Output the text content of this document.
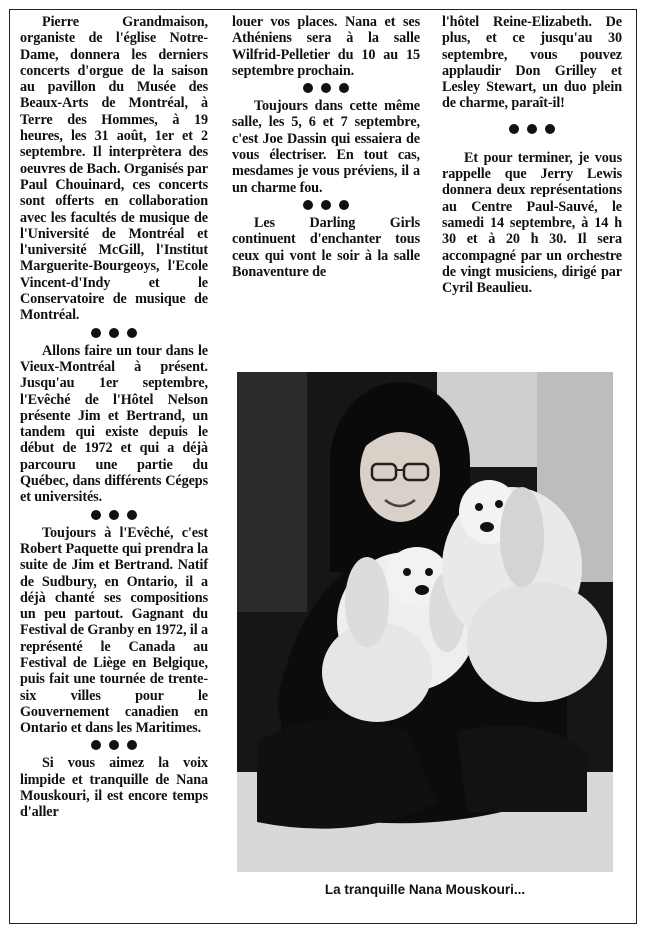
Pierre Grandmaison, organiste de l'église Notre-Dame, donnera les derniers concerts d'orgue de la saison au pavillon du Musée des Beaux-Arts de Montréal, à Terre des Hommes, à 19 heures, les 31 août, 1er et 2 septembre. Il interprètera des oeuvres de Bach. Organisés par Paul Chouinard, ces concerts sont offerts en collaboration avec les facultés de musique de l'Université de Montréal et l'université McGill, l'Institut Marguerite-Bourgeoys, l'Ecole Vincent-d'Indy et le Conservatoire de musique de Montréal.

Allons faire un tour dans le Vieux-Montréal à présent. Jusqu'au 1er septembre, l'Evêché de l'Hôtel Nelson présente Jim et Bertrand, un tandem qui existe depuis le début de 1972 et qui a déjà parcouru une partie du Québec, dans différents Cégeps et universités.

Toujours à l'Evêché, c'est Robert Paquette qui prendra la suite de Jim et Bertrand. Natif de Sudbury, en Ontario, il a déjà chanté ses compositions un peu partout. Gagnant du Festival de Granby en 1972, il a représenté le Canada au Festival de Liège en Belgique, puis fait une tournée de trente-six villes pour le Gouvernement canadien en Ontario et dans les Maritimes.

Si vous aimez la voix limpide et tranquille de Nana Mouskouri, il est encore temps d'aller

louer vos places. Nana et ses Athéniens sera à la salle Wilfrid-Pelletier du 10 au 15 septembre prochain.

Toujours dans cette même salle, les 5, 6 et 7 septembre, c'est Joe Dassin qui essaiera de vous électriser. En tout cas, mesdames je vous préviens, il a un charme fou.

Les Darling Girls continuent d'enchanter tous ceux qui vont le soir à la salle Bonaventure de

l'hôtel Reine-Elizabeth. De plus, et ce jusqu'au 30 septembre, vous pouvez applaudir Don Grilley et Lesley Stewart, un duo plein de charme, paraît-il!

Et pour terminer, je vous rappelle que Jerry Lewis donnera deux représentations au Centre Paul-Sauvé, le samedi 14 septembre, à 14 h 30 et à 20 h 30. Il sera accompagné par un orchestre de vingt musiciens, dirigé par Cyril Beaulieu.

La tranquille Nana Mouskouri...
